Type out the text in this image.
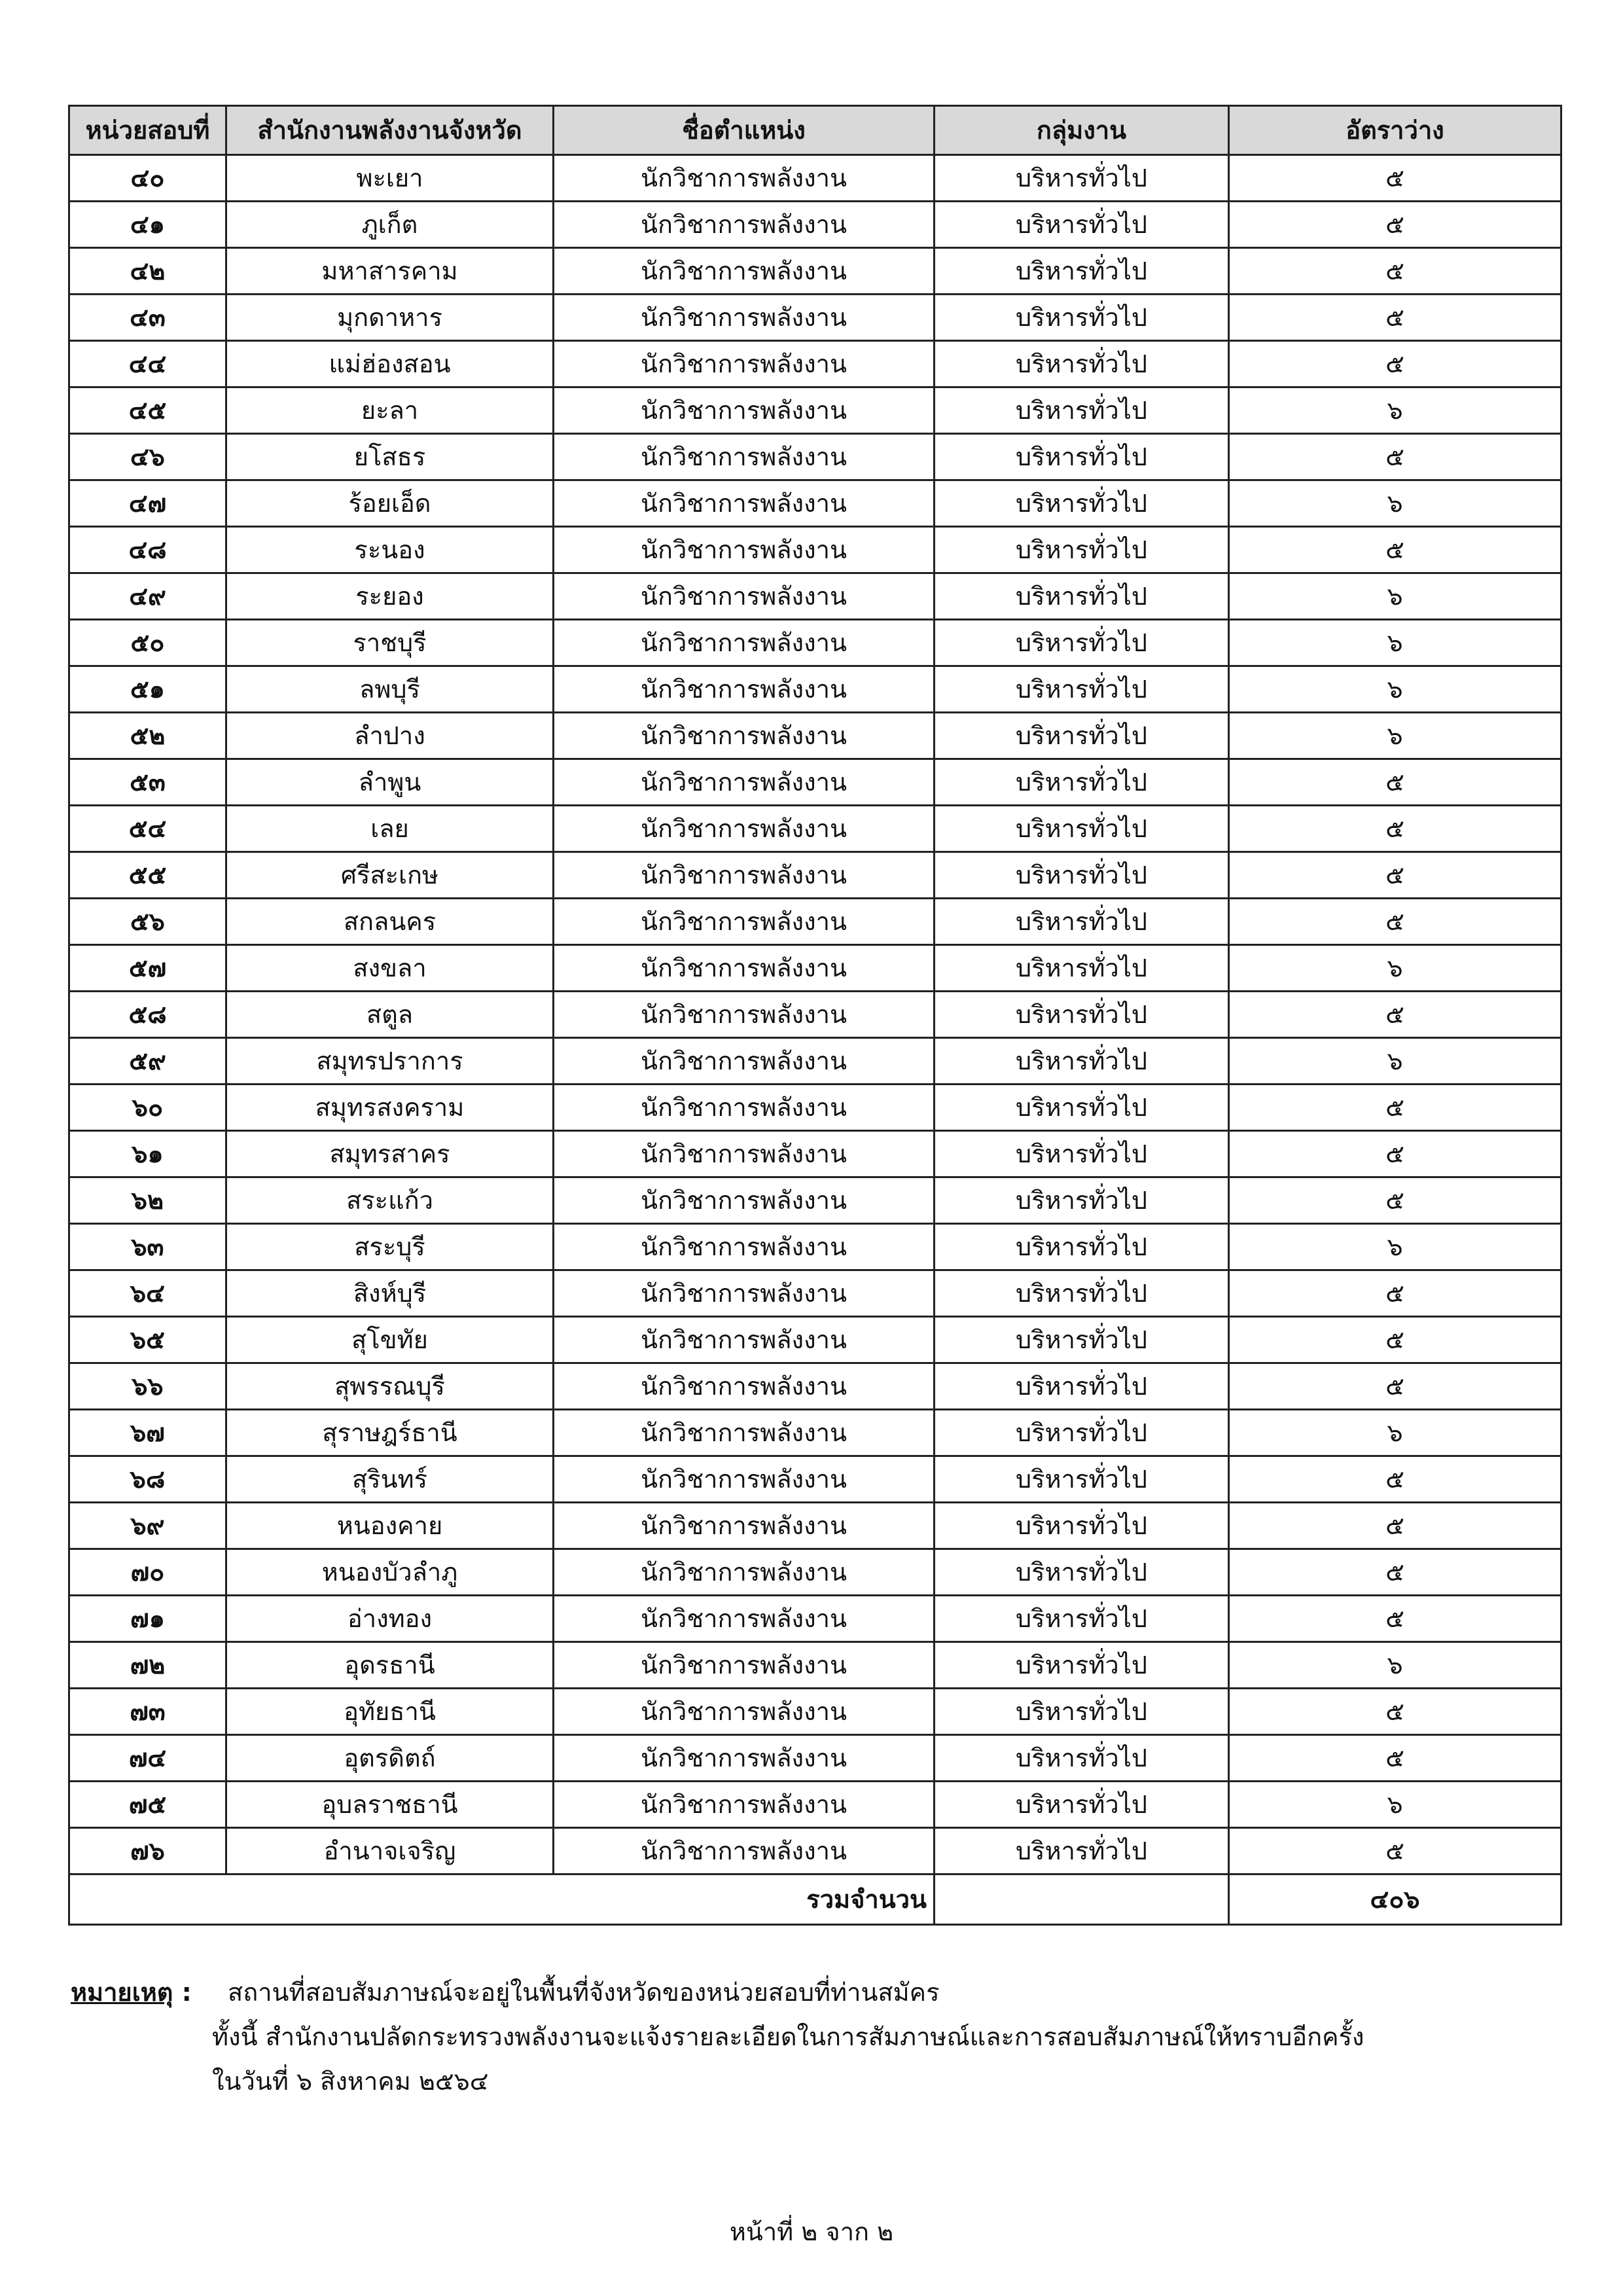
หน่วยสอบที่	สำนักงานพลังงานจังหวัด	ชื่อตำแหน่ง	กลุ่มงาน	อัตราว่าง
๔๐	พะเยา	นักวิชาการพลังงาน	บริหารทั่วไป	๕
๔๑	ภูเก็ต	นักวิชาการพลังงาน	บริหารทั่วไป	๕
๔๒	มหาสารคาม	นักวิชาการพลังงาน	บริหารทั่วไป	๕
๔๓	มุกดาหาร	นักวิชาการพลังงาน	บริหารทั่วไป	๕
๔๔	แม่ฮ่องสอน	นักวิชาการพลังงาน	บริหารทั่วไป	๕
๔๕	ยะลา	นักวิชาการพลังงาน	บริหารทั่วไป	๖
๔๖	ยโสธร	นักวิชาการพลังงาน	บริหารทั่วไป	๕
๔๗	ร้อยเอ็ด	นักวิชาการพลังงาน	บริหารทั่วไป	๖
๔๘	ระนอง	นักวิชาการพลังงาน	บริหารทั่วไป	๕
๔๙	ระยอง	นักวิชาการพลังงาน	บริหารทั่วไป	๖
๕๐	ราชบุรี	นักวิชาการพลังงาน	บริหารทั่วไป	๖
๕๑	ลพบุรี	นักวิชาการพลังงาน	บริหารทั่วไป	๖
๕๒	ลำปาง	นักวิชาการพลังงาน	บริหารทั่วไป	๖
๕๓	ลำพูน	นักวิชาการพลังงาน	บริหารทั่วไป	๕
๕๔	เลย	นักวิชาการพลังงาน	บริหารทั่วไป	๕
๕๕	ศรีสะเกษ	นักวิชาการพลังงาน	บริหารทั่วไป	๕
๕๖	สกลนคร	นักวิชาการพลังงาน	บริหารทั่วไป	๕
๕๗	สงขลา	นักวิชาการพลังงาน	บริหารทั่วไป	๖
๕๘	สตูล	นักวิชาการพลังงาน	บริหารทั่วไป	๕
๕๙	สมุทรปราการ	นักวิชาการพลังงาน	บริหารทั่วไป	๖
๖๐	สมุทรสงคราม	นักวิชาการพลังงาน	บริหารทั่วไป	๕
๖๑	สมุทรสาคร	นักวิชาการพลังงาน	บริหารทั่วไป	๕
๖๒	สระแก้ว	นักวิชาการพลังงาน	บริหารทั่วไป	๕
๖๓	สระบุรี	นักวิชาการพลังงาน	บริหารทั่วไป	๖
๖๔	สิงห์บุรี	นักวิชาการพลังงาน	บริหารทั่วไป	๕
๖๕	สุโขทัย	นักวิชาการพลังงาน	บริหารทั่วไป	๕
๖๖	สุพรรณบุรี	นักวิชาการพลังงาน	บริหารทั่วไป	๕
๖๗	สุราษฎร์ธานี	นักวิชาการพลังงาน	บริหารทั่วไป	๖
๖๘	สุรินทร์	นักวิชาการพลังงาน	บริหารทั่วไป	๕
๖๙	หนองคาย	นักวิชาการพลังงาน	บริหารทั่วไป	๕
๗๐	หนองบัวลำภู	นักวิชาการพลังงาน	บริหารทั่วไป	๕
๗๑	อ่างทอง	นักวิชาการพลังงาน	บริหารทั่วไป	๕
๗๒	อุดรธานี	นักวิชาการพลังงาน	บริหารทั่วไป	๖
๗๓	อุทัยธานี	นักวิชาการพลังงาน	บริหารทั่วไป	๕
๗๔	อุตรดิตถ์	นักวิชาการพลังงาน	บริหารทั่วไป	๕
๗๕	อุบลราชธานี	นักวิชาการพลังงาน	บริหารทั่วไป	๖
๗๖	อำนาจเจริญ	นักวิชาการพลังงาน	บริหารทั่วไป	๕
รวมจำนวน				๔๐๖
หมายเหตุ :	สถานที่สอบสัมภาษณ์จะอยู่ในพื้นที่จังหวัดของหน่วยสอบที่ท่านสมัคร
ทั้งนี้ สำนักงานปลัดกระทรวงพลังงานจะแจ้งรายละเอียดในการสัมภาษณ์และการสอบสัมภาษณ์ให้ทราบอีกครั้ง
ในวันที่ ๖ สิงหาคม ๒๕๖๔
หน้าที่ ๒ จาก ๒
